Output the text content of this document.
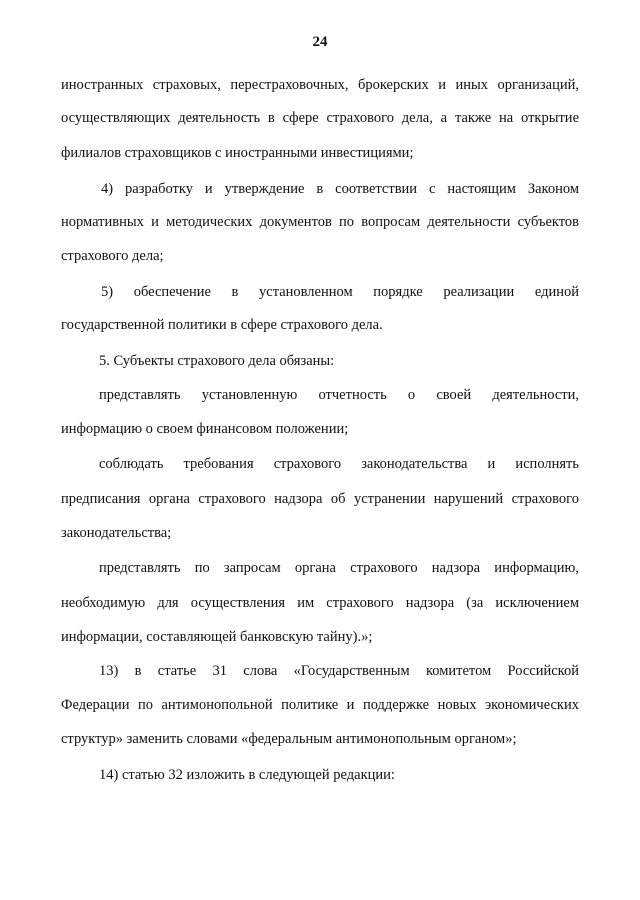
24
иностранных страховых, перестраховочных, брокерских и иных организаций,
осуществляющих деятельность в сфере страхового дела, а также на открытие
филиалов страховщиков с иностранными инвестициями;
4) разработку и утверждение в соответствии с настоящим Законом
нормативных и методических документов по вопросам деятельности субъектов
страхового дела;
5) обеспечение в установленном порядке реализации единой
государственной политики в сфере страхового дела.
5. Субъекты страхового дела обязаны:
представлять установленную отчетность о своей деятельности,
информацию о своем финансовом положении;
соблюдать требования страхового законодательства и исполнять
предписания органа страхового надзора об устранении нарушений страхового
законодательства;
представлять по запросам органа страхового надзора информацию,
необходимую для осуществления им страхового надзора (за исключением
информации, составляющей банковскую тайну).»;
13) в статье 31 слова «Государственным комитетом Российской
Федерации по антимонопольной политике и поддержке новых экономических
структур» заменить словами «федеральным антимонопольным органом»;
14) статью 32 изложить в следующей редакции:
